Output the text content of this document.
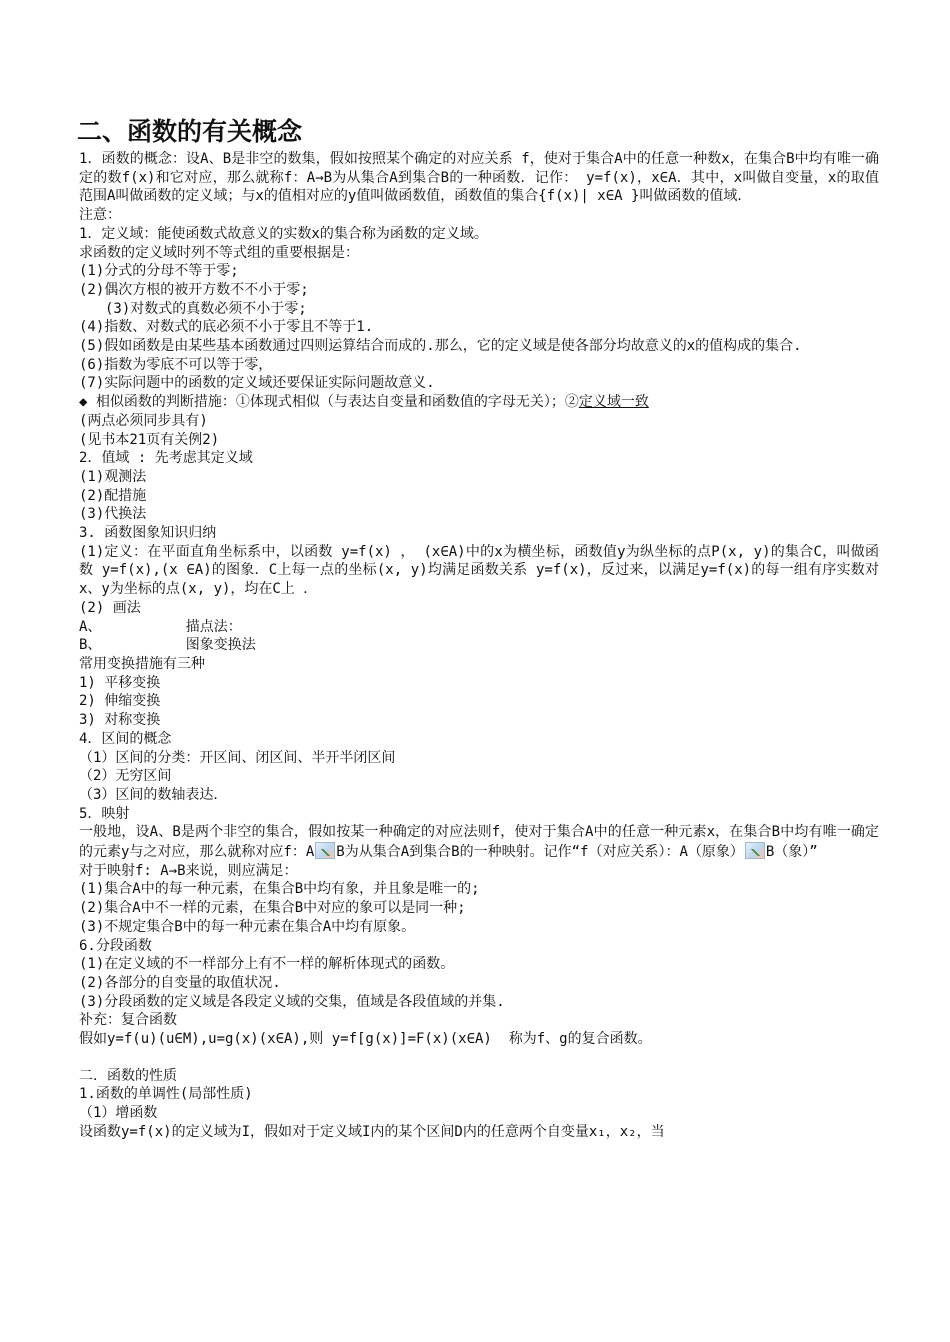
二、函数的有关概念
1．函数的概念：设A、B是非空的数集，假如按照某个确定的对应关系 f，使对于集合A中的任意一种数x，在集合B中均有唯一确定的数f(x)和它对应，那么就称f：A→B为从集合A到集合B的一种函数．记作： y=f(x)，x∈A．其中，x叫做自变量，x的取值范围A叫做函数的定义域；与x的值相对应的y值叫做函数值，函数值的集合{f(x)| x∈A }叫做函数的值域．
注意：
1．定义域：能使函数式故意义的实数x的集合称为函数的定义域。
求函数的定义域时列不等式组的重要根据是：
(1)分式的分母不等于零;
(2)偶次方根的被开方数不不小于零;
(3)对数式的真数必须不小于零;
(4)指数、对数式的底必须不小于零且不等于1.
(5)假如函数是由某些基本函数通过四则运算结合而成的.那么，它的定义域是使各部分均故意义的x的值构成的集合.
(6)指数为零底不可以等于零，
(7)实际问题中的函数的定义域还要保证实际问题故意义.
◆ 相似函数的判断措施：①体现式相似（与表达自变量和函数值的字母无关）；②定义域一致
(两点必须同步具有)
(见书本21页有关例2)
2．值域 : 先考虑其定义域
(1)观测法
(2)配措施
(3)代换法
3. 函数图象知识归纳
(1)定义：在平面直角坐标系中，以函数 y=f(x) ， (x∈A)中的x为横坐标，函数值y为纵坐标的点P(x, y)的集合C，叫做函数 y=f(x),(x ∈A)的图象．C上每一点的坐标(x, y)均满足函数关系 y=f(x)，反过来，以满足y=f(x)的每一组有序实数对x、y为坐标的点(x, y)，均在C上 ．
(2) 画法
A、          描点法：
B、          图象变换法
常用变换措施有三种
1) 平移变换
2) 伸缩变换
3) 对称变换
4．区间的概念
（1）区间的分类：开区间、闭区间、半开半闭区间
（2）无穷区间
（3）区间的数轴表达．
5．映射
一般地，设A、B是两个非空的集合，假如按某一种确定的对应法则f，使对于集合A中的任意一种元素x，在集合B中均有唯一确定的元素y与之对应，那么就称对应f：A B为从集合A到集合B的一种映射。记作“f（对应关系）：A（原象） B（象）”
对于映射f: A→B来说，则应满足：
(1)集合A中的每一种元素，在集合B中均有象，并且象是唯一的;
(2)集合A中不一样的元素，在集合B中对应的象可以是同一种;
(3)不规定集合B中的每一种元素在集合A中均有原象。
6.分段函数
(1)在定义域的不一样部分上有不一样的解析体现式的函数。
(2)各部分的自变量的取值状况.
(3)分段函数的定义域是各段定义域的交集，值域是各段值域的并集.
补充：复合函数
假如y=f(u)(u∈M),u=g(x)(x∈A),则 y=f[g(x)]=F(x)(x∈A)  称为f、g的复合函数。
二．函数的性质
1.函数的单调性(局部性质)
（1）增函数
设函数y=f(x)的定义域为I，假如对于定义域I内的某个区间D内的任意两个自变量x₁，x₂，当
